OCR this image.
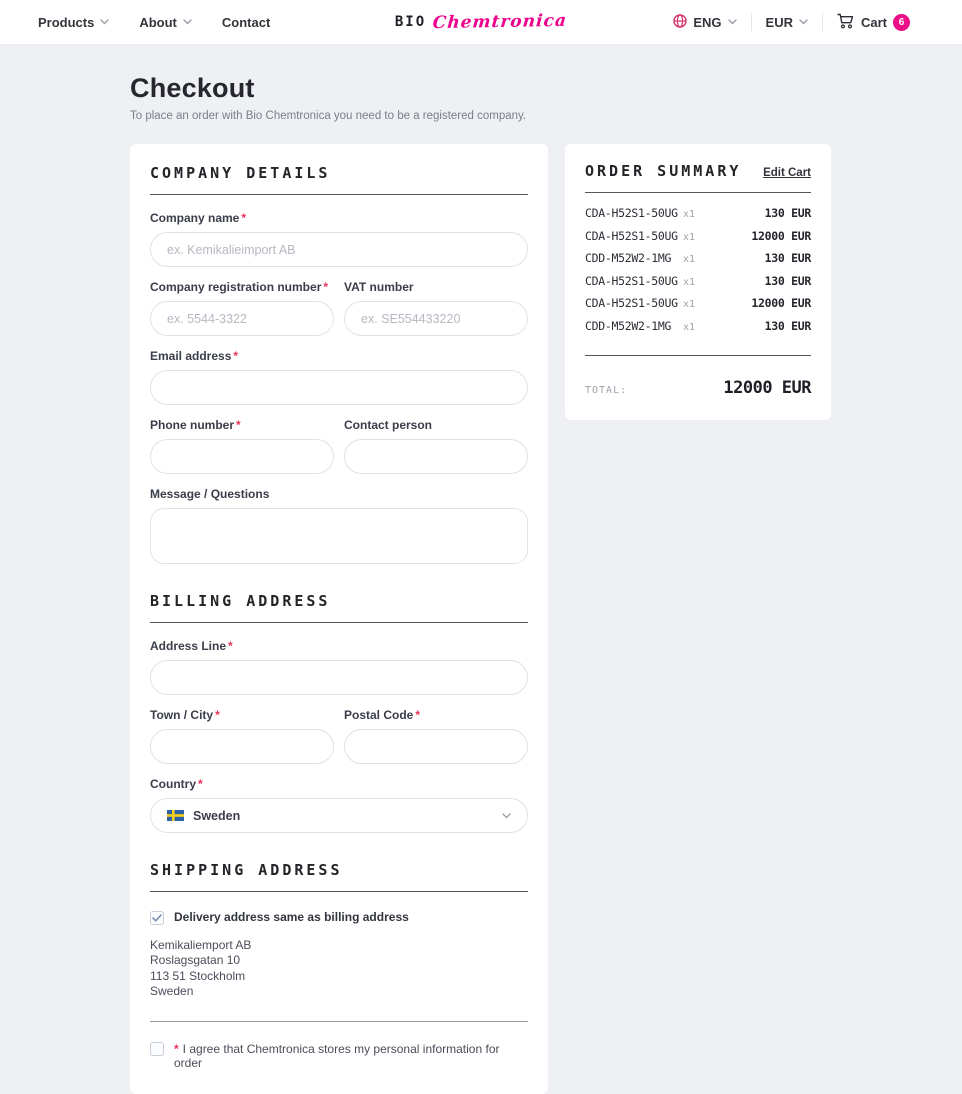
Products	About	Contact	BIO Chemtronica	ENG	EUR	Cart	6
Checkout
To place an order with Bio Chemtronica you need to be a registered company.
COMPANY DETAILS
Company name *
ex. Kemikalieimport AB
Company registration number *
ex. 5544-3322	VAT number
ex. SE554433220
Email address *
Phone number *	Contact person
Message / Questions
BILLING ADDRESS
Address Line *
Town / City *	Postal Code *
Country *
Sweden
SHIPPING ADDRESS
Delivery address same as billing address
Kemikaliemport AB
Roslagsgatan 10
113 51 Stockholm
Sweden
* I agree that Chemtronica stores my personal information for order
ORDER SUMMARY Edit Cart
CDA-H52S1-50UG x1	130 EUR
CDA-H52S1-50UG x1	12000 EUR
CDD-M52W2-1MG	x1	130 EUR
CDA-H52S1-50UG x1	130 EUR
CDA-H52S1-50UG x1	12000 EUR
CDD-M52W2-1MG	x1	130 EUR
TOTAL:	12000 EUR
